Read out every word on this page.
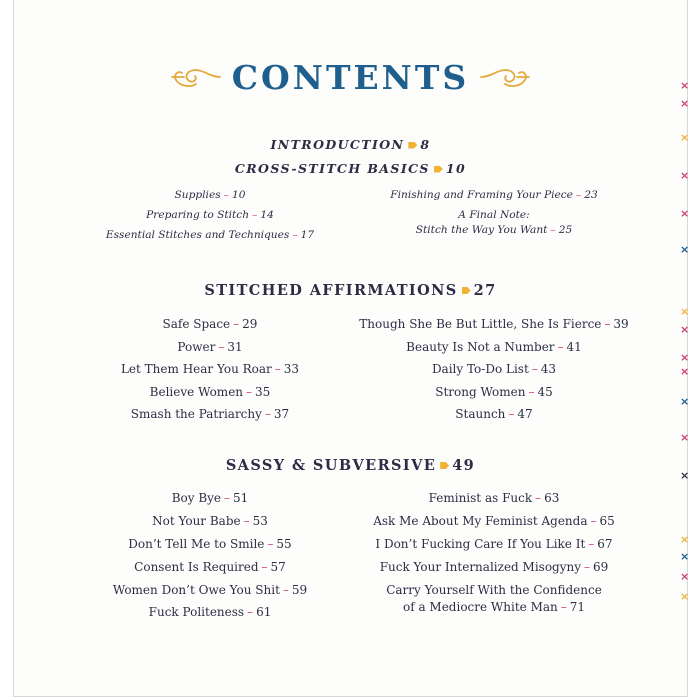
CONTENTS
INTRODUCTION 8
CROSS-STITCH BASICS 10
Supplies – 10
Preparing to Stitch – 14
Essential Stitches and Techniques – 17
Finishing and Framing Your Piece – 23
A Final Note:
Stitch the Way You Want – 25
STITCHED AFFIRMATIONS 27
Safe Space – 29
Power – 31
Let Them Hear You Roar – 33
Believe Women – 35
Smash the Patriarchy – 37
Though She Be But Little, She Is Fierce – 39
Beauty Is Not a Number – 41
Daily To-Do List – 43
Strong Women – 45
Staunch – 47
SASSY & SUBVERSIVE 49
Boy Bye – 51
Not Your Babe – 53
Don’t Tell Me to Smile – 55
Consent Is Required – 57
Women Don’t Owe You Shit – 59
Fuck Politeness – 61
Feminist as Fuck – 63
Ask Me About My Feminist Agenda – 65
I Don’t Fucking Care If You Like It – 67
Fuck Your Internalized Misogyny – 69
Carry Yourself With the Confidence
of a Mediocre White Man – 71
×
×
×
×
×
×
×
×
×
×
×
×
×
×
×
×
×
